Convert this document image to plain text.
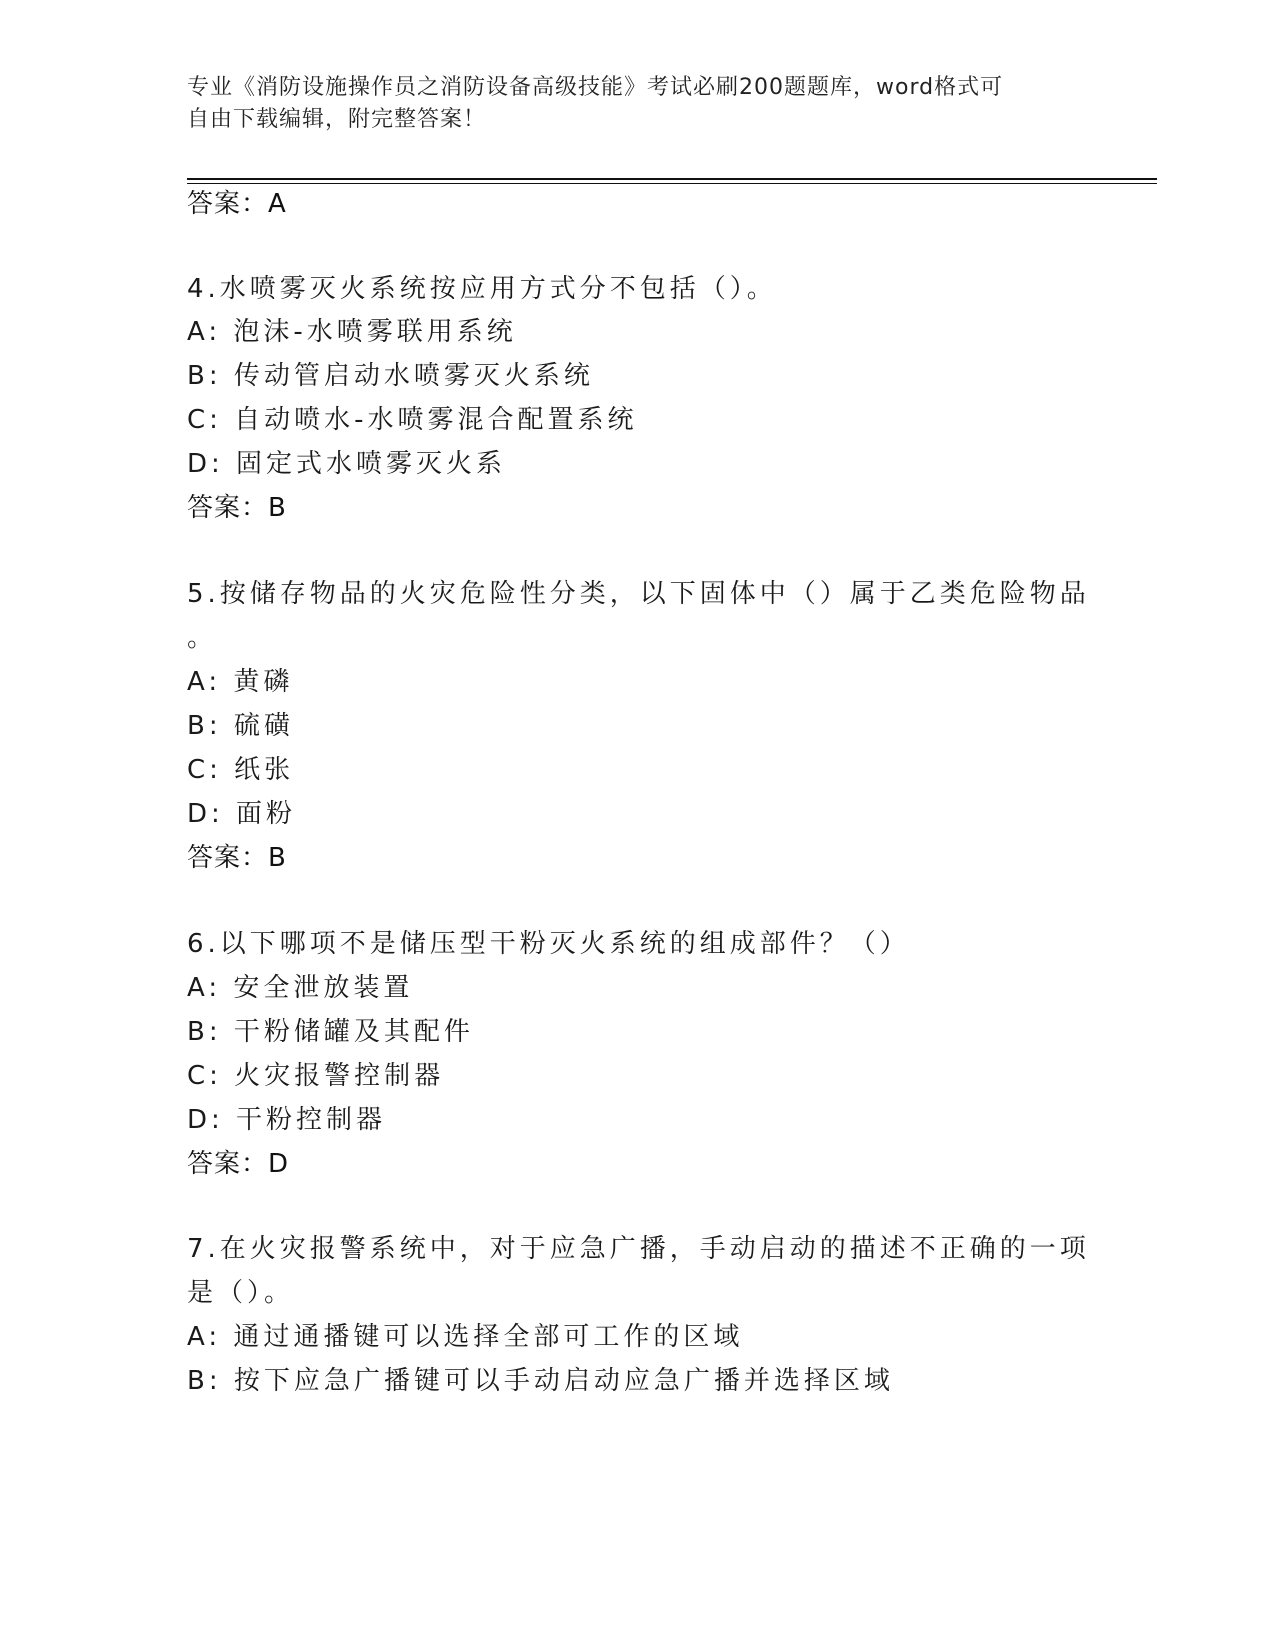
专业《消防设施操作员之消防设备高级技能》考试必刷200题题库，word格式可
自由下载编辑，附完整答案！
答案：A
4.水喷雾灭火系统按应用方式分不包括（）。
A: 泡沫-水喷雾联用系统
B: 传动管启动水喷雾灭火系统
C: 自动喷水-水喷雾混合配置系统
D: 固定式水喷雾灭火系
答案：B
5.按储存物品的火灾危险性分类，以下固体中（）属于乙类危险物品
。
A: 黄磷
B: 硫磺
C: 纸张
D: 面粉
答案：B
6.以下哪项不是储压型干粉灭火系统的组成部件？（）
A: 安全泄放装置
B: 干粉储罐及其配件
C: 火灾报警控制器
D: 干粉控制器
答案：D
7.在火灾报警系统中，对于应急广播，手动启动的描述不正确的一项
是（）。
A: 通过通播键可以选择全部可工作的区域
B: 按下应急广播键可以手动启动应急广播并选择区域
